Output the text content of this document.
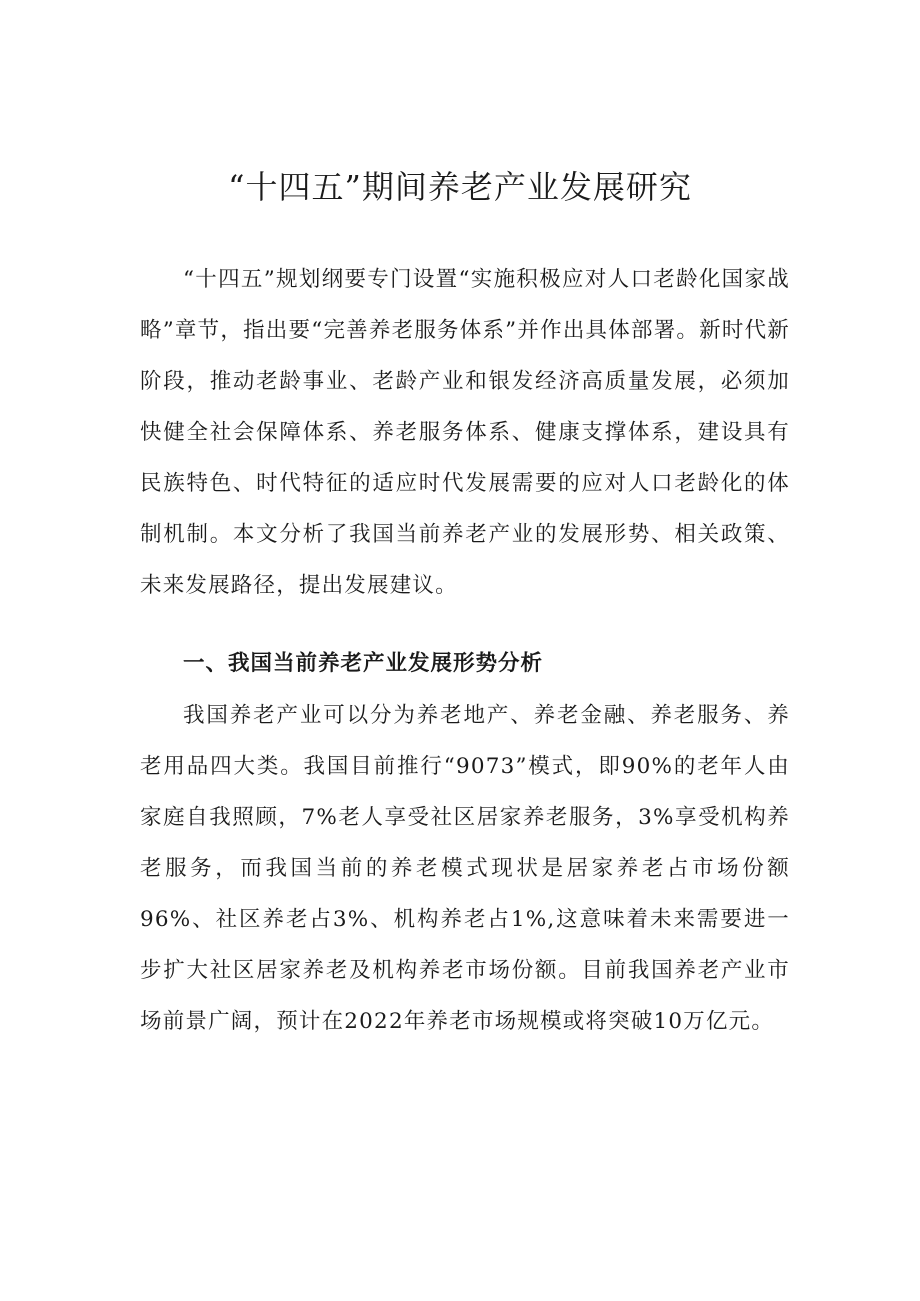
“十四五”期间养老产业发展研究

“十四五”规划纲要专门设置“实施积极应对人口老龄化国家战略”章节，指出要“完善养老服务体系”并作出具体部署。新时代新阶段，推动老龄事业、老龄产业和银发经济高质量发展，必须加快健全社会保障体系、养老服务体系、健康支撑体系，建设具有民族特色、时代特征的适应时代发展需要的应对人口老龄化的体制机制。本文分析了我国当前养老产业的发展形势、相关政策、未来发展路径，提出发展建议。

一、我国当前养老产业发展形势分析

我国养老产业可以分为养老地产、养老金融、养老服务、养老用品四大类。我国目前推行“9073”模式，即90%的老年人由家庭自我照顾，7%老人享受社区居家养老服务，3%享受机构养老服务，而我国当前的养老模式现状是居家养老占市场份额96%、社区养老占3%、机构养老占1%,这意味着未来需要进一步扩大社区居家养老及机构养老市场份额。目前我国养老产业市场前景广阔，预计在2022年养老市场规模或将突破10万亿元。
